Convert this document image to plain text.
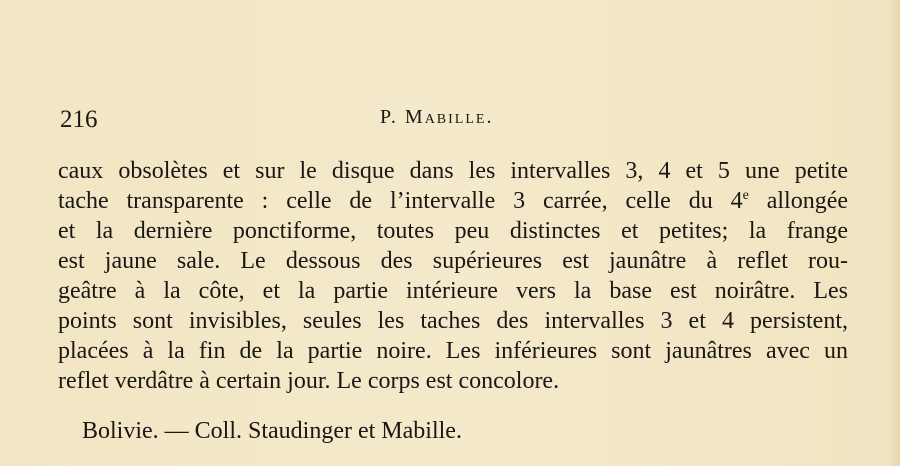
216	P. Mabille.
caux obsolètes et sur le disque dans les intervalles 3, 4 et 5 une petite
tache transparente : celle de l’intervalle 3 carrée, celle du 4e allongée
et la dernière ponctiforme, toutes peu distinctes et petites; la frange
est jaune sale. Le dessous des supérieures est jaunâtre à reflet rou-
geâtre à la côte, et la partie intérieure vers la base est noirâtre. Les
points sont invisibles, seules les taches des intervalles 3 et 4 persistent,
placées à la fin de la partie noire. Les inférieures sont jaunâtres avec un
reflet verdâtre à certain jour. Le corps est concolore.
Bolivie. — Coll. Staudinger et Mabille.
